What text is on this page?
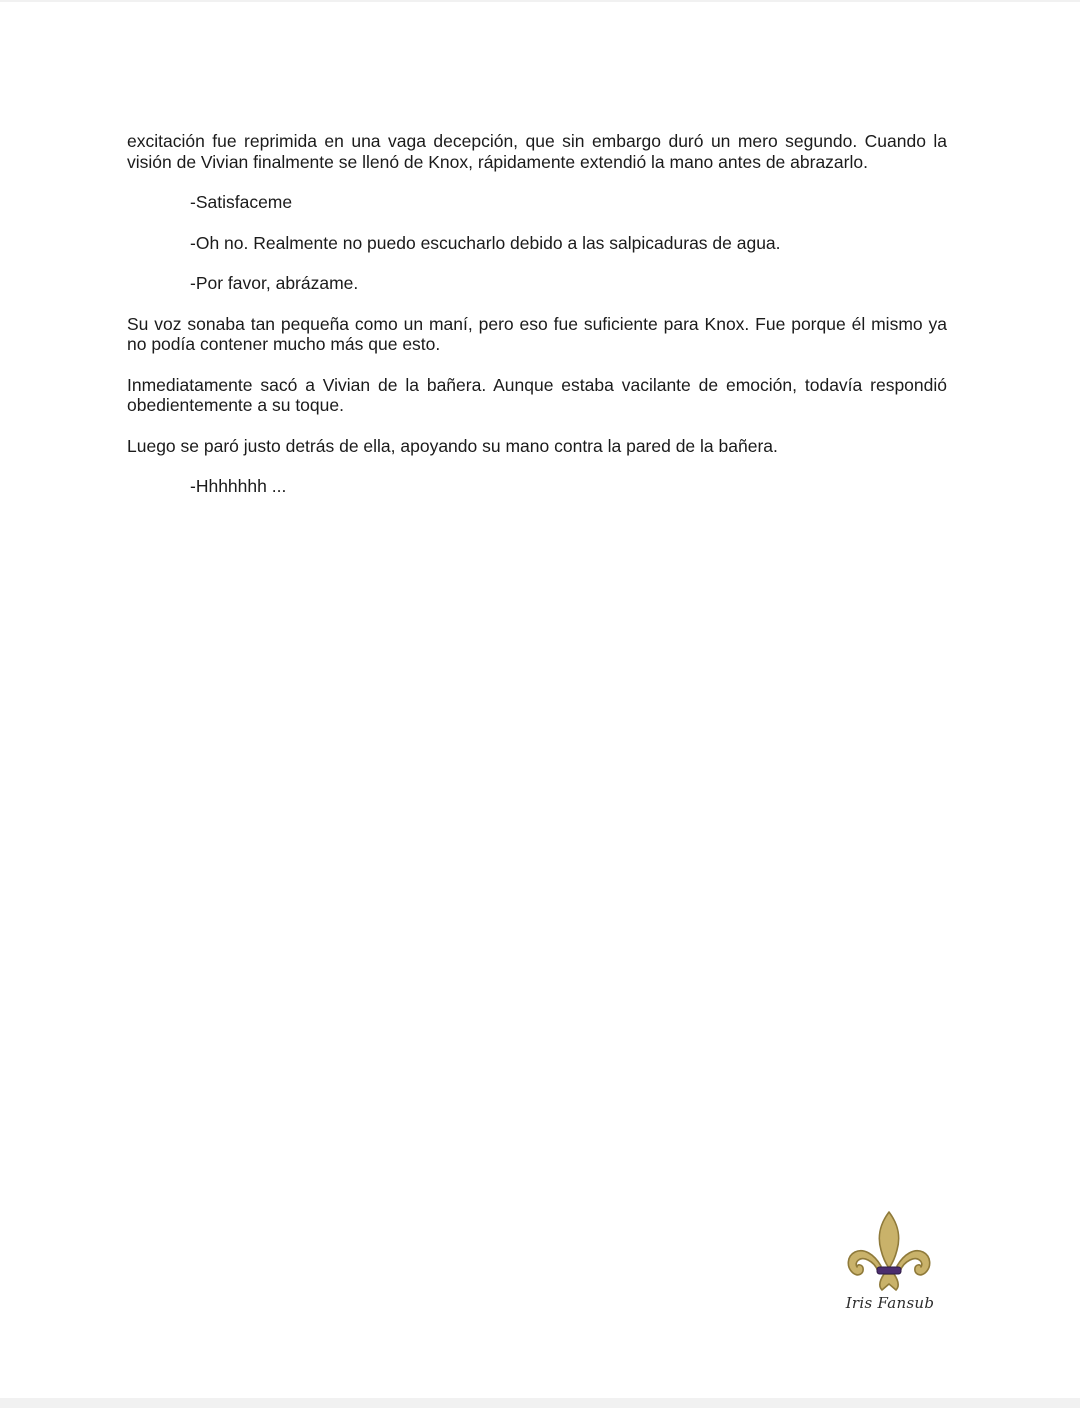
excitación fue reprimida en una vaga decepción, que sin embargo duró un mero segundo. Cuando la visión de Vivian finalmente se llenó de Knox, rápidamente extendió la mano antes de abrazarlo.

-Satisfaceme

-Oh no. Realmente no puedo escucharlo debido a las salpicaduras de agua.

-Por favor, abrázame.

Su voz sonaba tan pequeña como un maní, pero eso fue suficiente para Knox. Fue porque él mismo ya no podía contener mucho más que esto.

Inmediatamente sacó a Vivian de la bañera. Aunque estaba vacilante de emoción, todavía respondió obedientemente a su toque.

Luego se paró justo detrás de ella, apoyando su mano contra la pared de la bañera.

-Hhhhhhh ...

Iris Fansub
